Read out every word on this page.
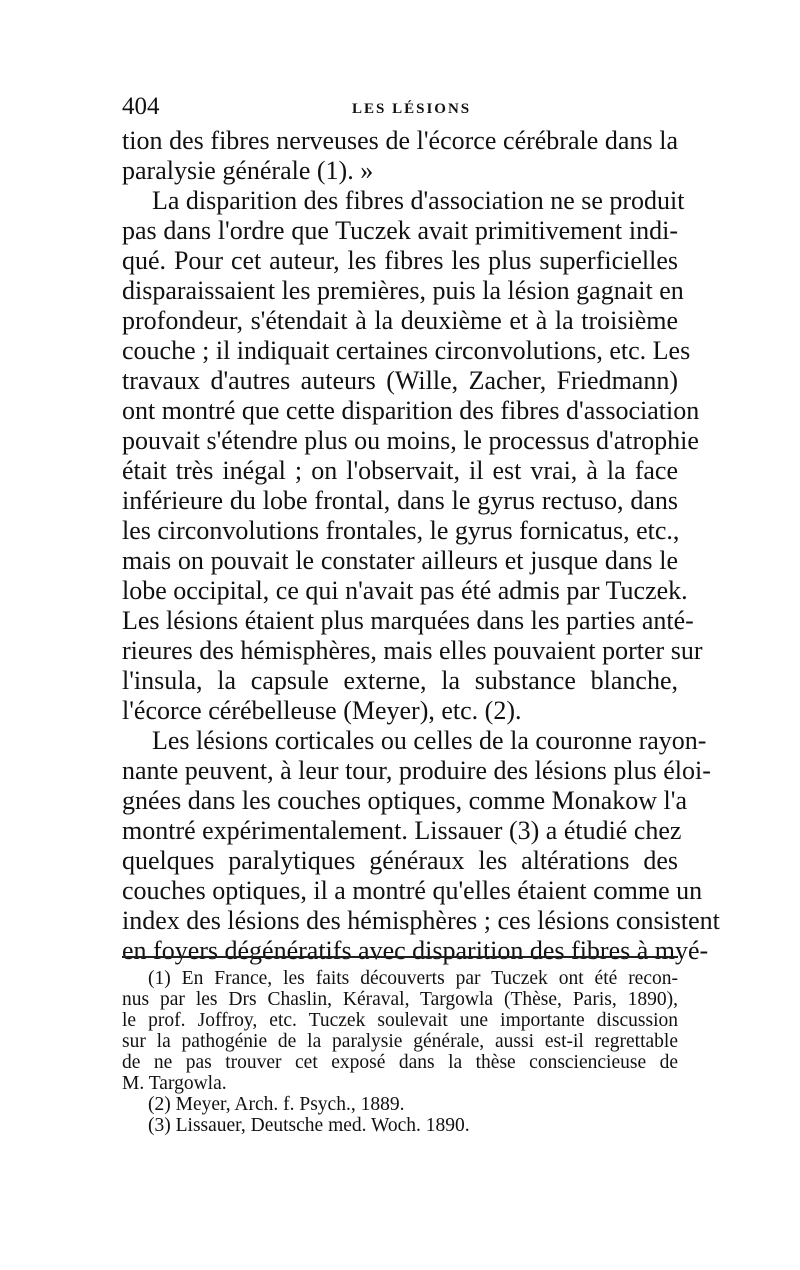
404	LES LÉSIONS
tion des fibres nerveuses de l'écorce cérébrale dans la
paralysie générale (1). »
La disparition des fibres d'association ne se produit
pas dans l'ordre que Tuczek avait primitivement indi-
qué. Pour cet auteur, les fibres les plus superficielles
disparaissaient les premières, puis la lésion gagnait en
profondeur, s'étendait à la deuxième et à la troisième
couche ; il indiquait certaines circonvolutions, etc. Les
travaux d'autres auteurs (Wille, Zacher, Friedmann)
ont montré que cette disparition des fibres d'association
pouvait s'étendre plus ou moins, le processus d'atrophie
était très inégal ; on l'observait, il est vrai, à la face
inférieure du lobe frontal, dans le gyrus rectuso, dans
les circonvolutions frontales, le gyrus fornicatus, etc.,
mais on pouvait le constater ailleurs et jusque dans le
lobe occipital, ce qui n'avait pas été admis par Tuczek.
Les lésions étaient plus marquées dans les parties anté-
rieures des hémisphères, mais elles pouvaient porter sur
l'insula, la capsule externe, la substance blanche,
l'écorce cérébelleuse (Meyer), etc. (2).
Les lésions corticales ou celles de la couronne rayon-
nante peuvent, à leur tour, produire des lésions plus éloi-
gnées dans les couches optiques, comme Monakow l'a
montré expérimentalement. Lissauer (3) a étudié chez
quelques paralytiques généraux les altérations des
couches optiques, il a montré qu'elles étaient comme un
index des lésions des hémisphères ; ces lésions consistent
en foyers dégénératifs avec disparition des fibres à myé-
(1) En France, les faits découverts par Tuczek ont été recon-
nus par les Drs Chaslin, Kéraval, Targowla (Thèse, Paris, 1890),
le prof. Joffroy, etc. Tuczek soulevait une importante discussion
sur la pathogénie de la paralysie générale, aussi est-il regrettable
de ne pas trouver cet exposé dans la thèse consciencieuse de
M. Targowla.
(2) Meyer, Arch. f. Psych., 1889.
(3) Lissauer, Deutsche med. Woch. 1890.
